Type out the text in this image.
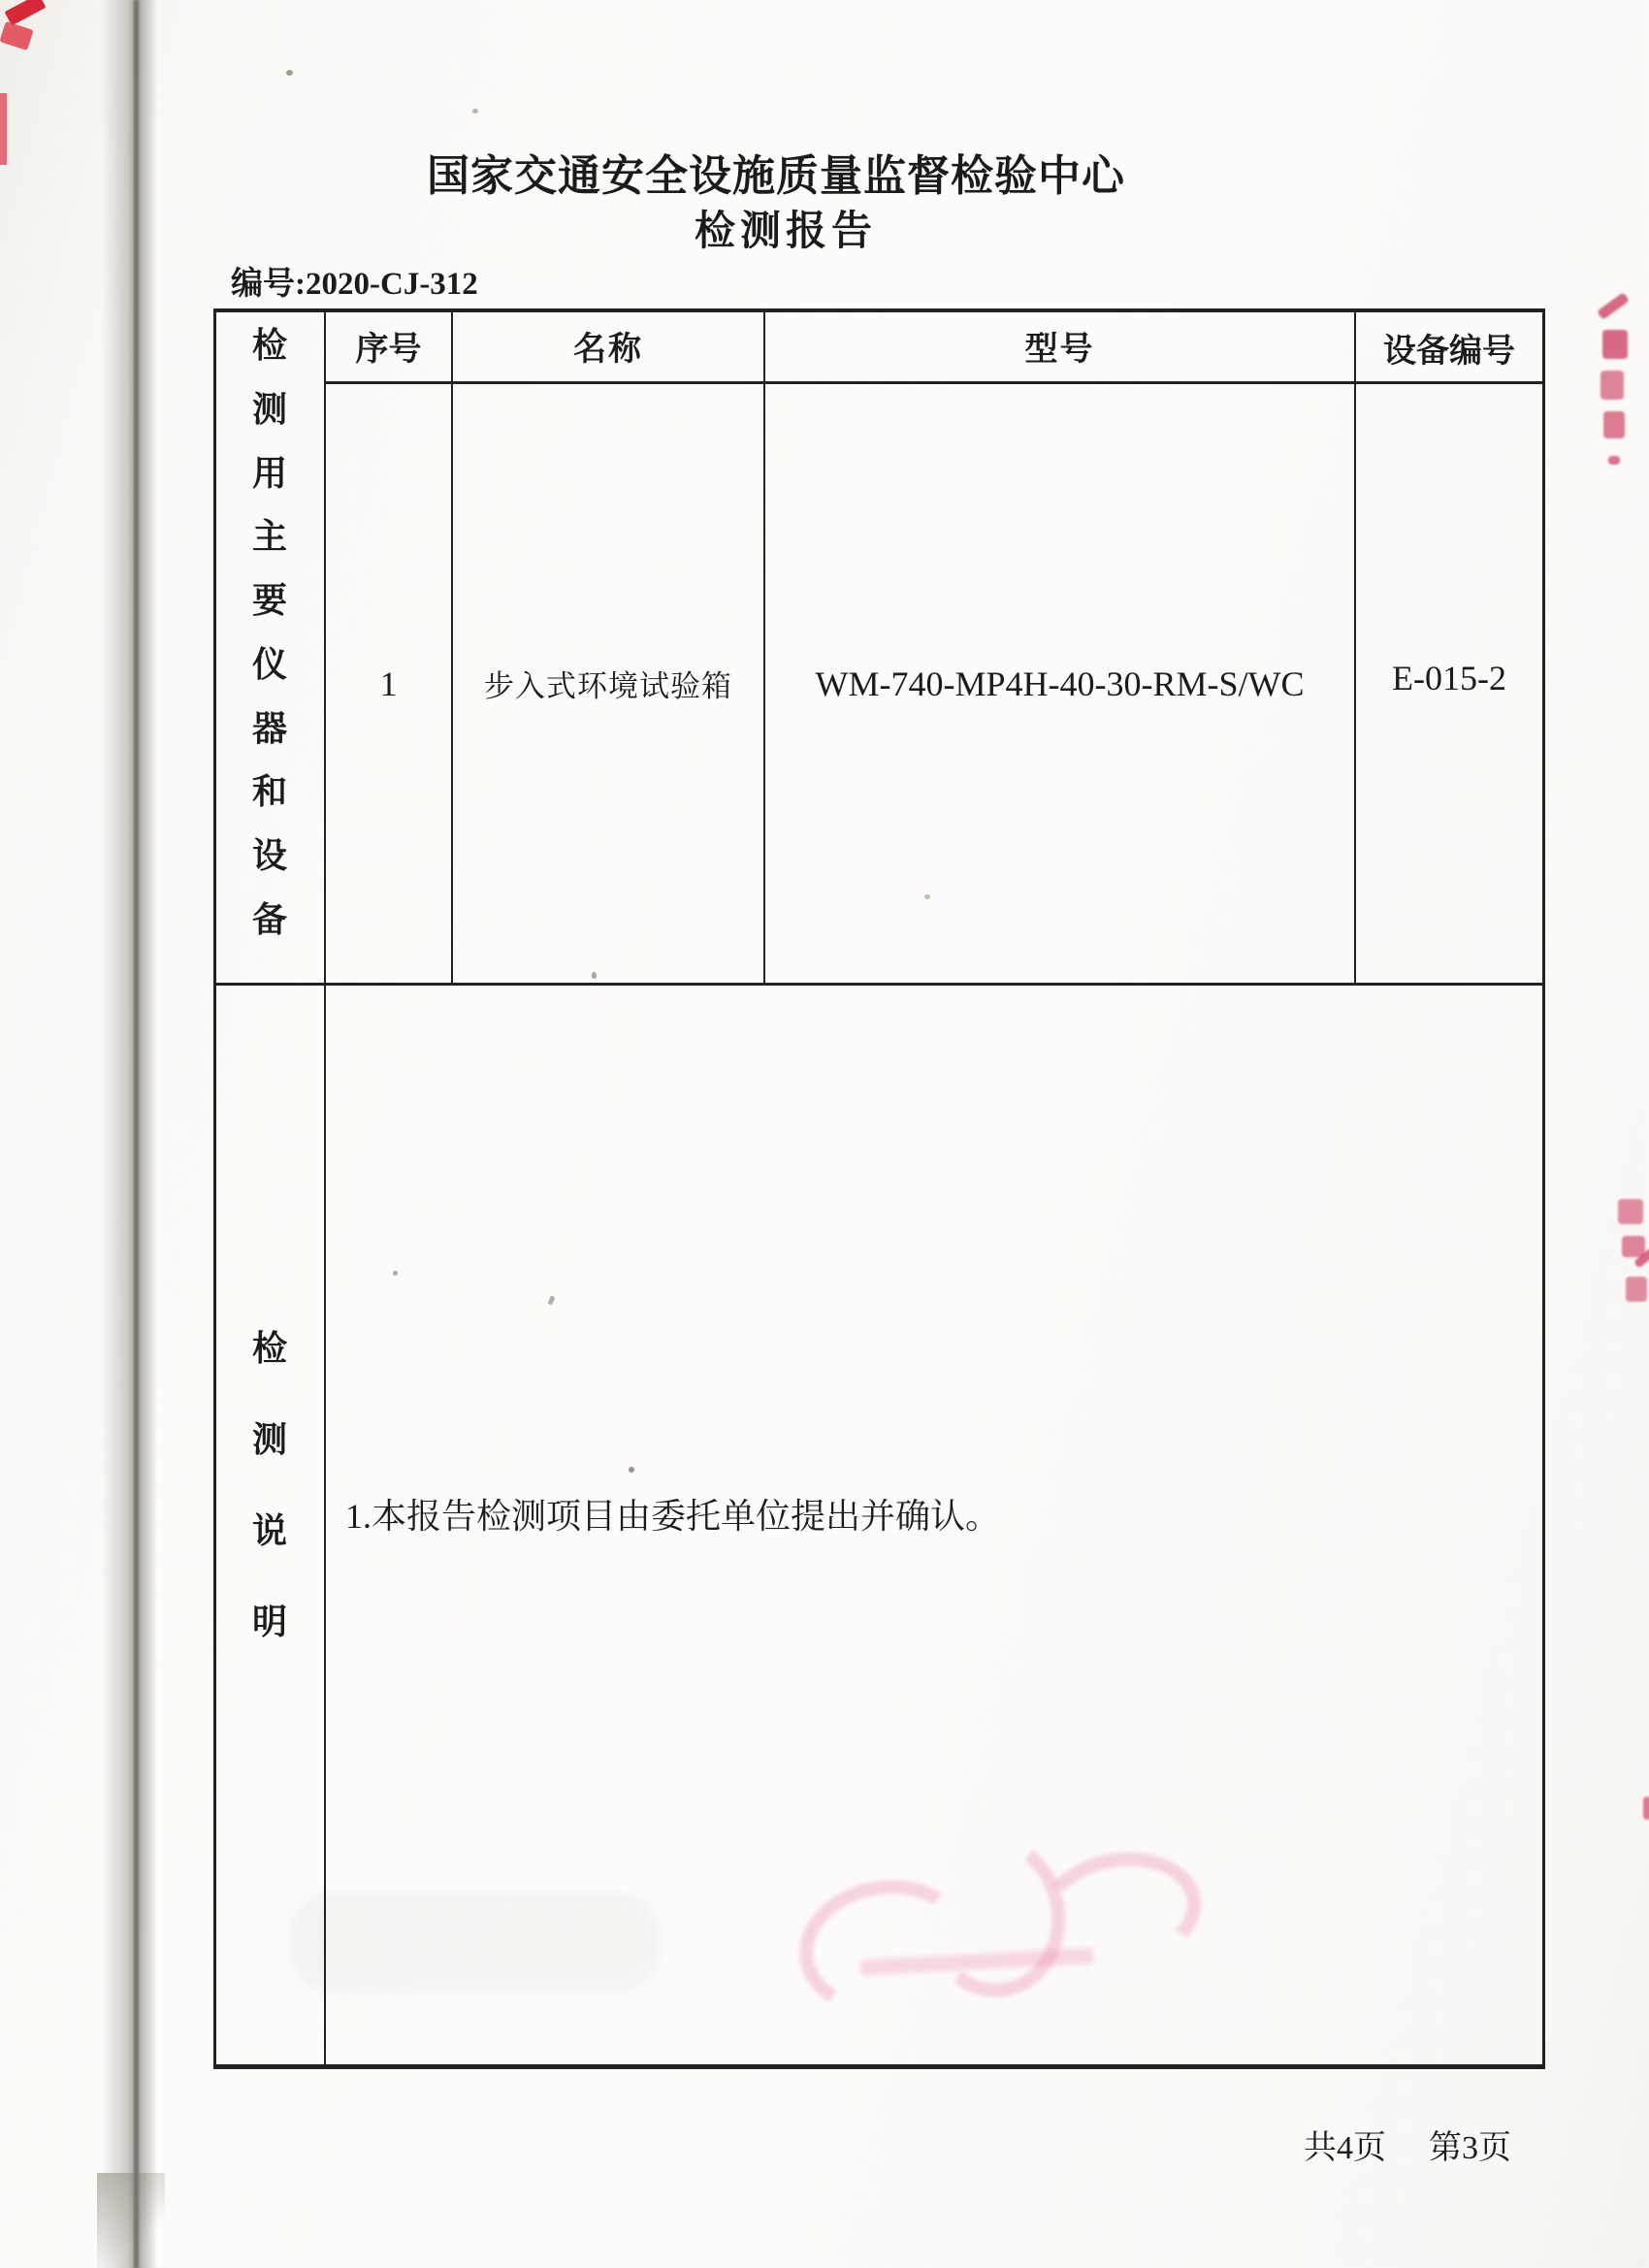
国家交通安全设施质量监督检验中心
检测报告
编号:2020-CJ-312
检
测
用
主
要
仪
器
和
设
备
序号	名称	型号	设备编号
1	步入式环境试验箱	WM-740-MP4H-40-30-RM-S/WC	E-015-2
检
测
说
明
1.本报告检测项目由委托单位提出并确认。
共4页 第3页
